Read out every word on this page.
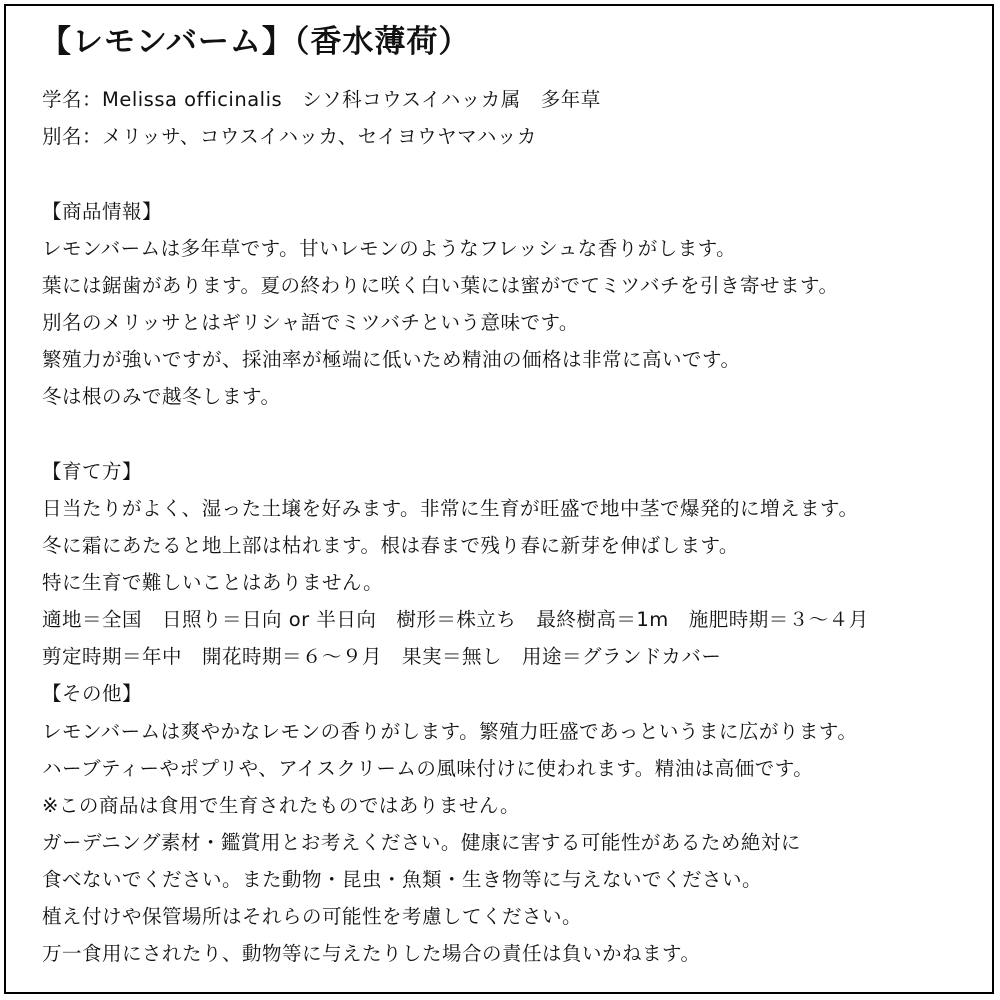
【レモンバーム】（香水薄荷）
学名：Melissa officinalis　シソ科コウスイハッカ属　多年草
別名：メリッサ、コウスイハッカ、セイヨウヤマハッカ
【商品情報】
レモンバームは多年草です。甘いレモンのようなフレッシュな香りがします。
葉には鋸歯があります。夏の終わりに咲く白い葉には蜜がでてミツバチを引き寄せます。
別名のメリッサとはギリシャ語でミツバチという意味です。
繁殖力が強いですが、採油率が極端に低いため精油の価格は非常に高いです。
冬は根のみで越冬します。
【育て方】
日当たりがよく、湿った土壌を好みます。非常に生育が旺盛で地中茎で爆発的に増えます。
冬に霜にあたると地上部は枯れます。根は春まで残り春に新芽を伸ばします。
特に生育で難しいことはありません。
適地＝全国　日照り＝日向 or 半日向　樹形＝株立ち　最終樹高＝1m　施肥時期＝３～４月
剪定時期＝年中　開花時期＝６～９月　果実＝無し　用途＝グランドカバー
【その他】
レモンバームは爽やかなレモンの香りがします。繁殖力旺盛であっというまに広がります。
ハーブティーやポプリや、アイスクリームの風味付けに使われます。精油は高価です。
※この商品は食用で生育されたものではありません。
ガーデニング素材・鑑賞用とお考えください。健康に害する可能性があるため絶対に
食べないでください。また動物・昆虫・魚類・生き物等に与えないでください。
植え付けや保管場所はそれらの可能性を考慮してください。
万一食用にされたり、動物等に与えたりした場合の責任は負いかねます。
